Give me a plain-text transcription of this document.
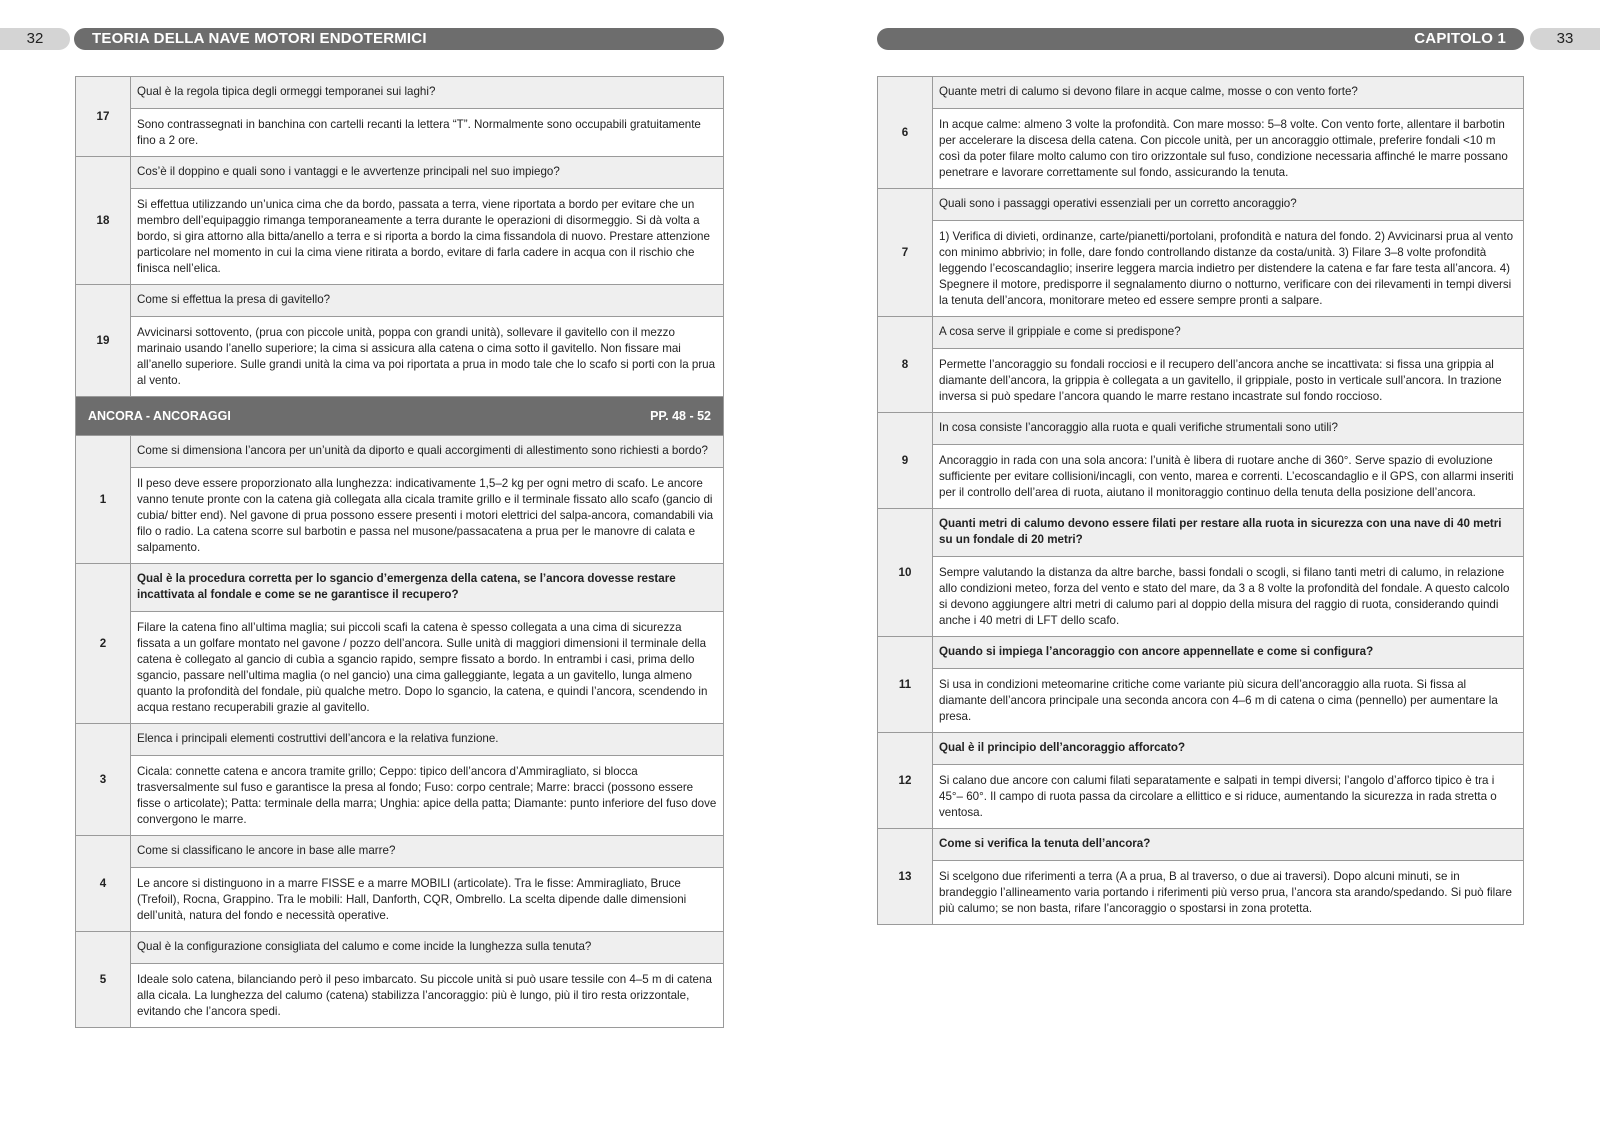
32	TEORIA DELLA NAVE MOTORI ENDOTERMICI
17	Qual è la regola tipica degli ormeggi temporanei sui laghi?
	Sono contrassegnati in banchina con cartelli recanti la lettera “T”. Normalmente sono occupabili gratuitamente fino a 2 ore.
18	Cos’è il doppino e quali sono i vantaggi e le avvertenze principali nel suo impiego?
	Si effettua utilizzando un’unica cima che da bordo, passata a terra, viene riportata a bordo per evitare che un membro dell’equipaggio rimanga temporaneamente a terra durante le operazioni di disormeggio. Si dà volta a bordo, si gira attorno alla bitta/anello a terra e si riporta a bordo la cima fissandola di nuovo. Prestare attenzione particolare nel momento in cui la cima viene ritirata a bordo, evitare di farla cadere in acqua con il rischio che finisca nell’elica.
19	Come si effettua la presa di gavitello?
	Avvicinarsi sottovento, (prua con piccole unità, poppa con grandi unità), sollevare il gavitello con il mezzo marinaio usando l’anello superiore; la cima si assicura alla catena o cima sotto il gavitello. Non fissare mai all’anello superiore. Sulle grandi unità la cima va poi riportata a prua in modo tale che lo scafo si porti con la prua al vento.

ANCORA - ANCORAGGI PP. 48 - 52	

1	Come si dimensiona l’ancora per un’unità da diporto e quali accorgimenti di allestimento sono richiesti a bordo?
	Il peso deve essere proporzionato alla lunghezza: indicativamente 1,5–2 kg per ogni metro di scafo. Le ancore vanno tenute pronte con la catena già collegata alla cicala tramite grillo e il terminale fissato allo scafo (gancio di cubia/ bitter end). Nel gavone di prua possono essere presenti i motori elettrici del salpa-ancora, comandabili via filo o radio. La catena scorre sul barbotin e passa nel musone/passacatena a prua per le manovre di calata e salpamento.
2	Qual è la procedura corretta per lo sgancio d’emergenza della catena, se l’ancora dovesse restare incattivata al fondale e come se ne garantisce il recupero?
	Filare la catena fino all’ultima maglia; sui piccoli scafi la catena è spesso collegata a una cima di sicurezza fissata a un golfare montato nel gavone / pozzo dell’ancora. Sulle unità di maggiori dimensioni il terminale della catena è collegato al gancio di cubìa a sgancio rapido, sempre fissato a bordo. In entrambi i casi, prima dello sgancio, passare nell’ultima maglia (o nel gancio) una cima galleggiante, legata a un gavitello, lunga almeno quanto la profondità del fondale, più qualche metro. Dopo lo sgancio, la catena, e quindi l’ancora, scendendo in acqua restano recuperabili grazie al gavitello.
3	Elenca i principali elementi costruttivi dell’ancora e la relativa funzione.
	Cicala: connette catena e ancora tramite grillo; Ceppo: tipico dell’ancora d’Ammiragliato, si blocca trasversalmente sul fuso e garantisce la presa al fondo; Fuso: corpo centrale; Marre: bracci (possono essere fisse o articolate); Patta: terminale della marra; Unghia: apice della patta; Diamante: punto inferiore del fuso dove convergono le marre.
4	Come si classificano le ancore in base alle marre?
	Le ancore si distinguono in a marre FISSE e a marre MOBILI (articolate). Tra le fisse: Ammiragliato, Bruce (Trefoil), Rocna, Grappino. Tra le mobili: Hall, Danforth, CQR, Ombrello. La scelta dipende dalle dimensioni dell’unità, natura del fondo e necessità operative.
5	Qual è la configurazione consigliata del calumo e come incide la lunghezza sulla tenuta?
	Ideale solo catena, bilanciando però il peso imbarcato. Su piccole unità si può usare tessile con 4–5 m di catena alla cicala. La lunghezza del calumo (catena) stabilizza l’ancoraggio: più è lungo, più il tiro resta orizzontale, evitando che l’ancora spedi.
CAPITOLO 1	33
6	Quante metri di calumo si devono filare in acque calme, mosse o con vento forte?
	In acque calme: almeno 3 volte la profondità. Con mare mosso: 5–8 volte. Con vento forte, allentare il barbotin per accelerare la discesa della catena. Con piccole unità, per un ancoraggio ottimale, preferire fondali <10 m così da poter filare molto calumo con tiro orizzontale sul fuso, condizione necessaria affinché le marre possano penetrare e lavorare correttamente sul fondo, assicurando la tenuta.
7	Quali sono i passaggi operativi essenziali per un corretto ancoraggio?
	1) Verifica di divieti, ordinanze, carte/pianetti/portolani, profondità e natura del fondo. 2) Avvicinarsi prua al vento con minimo abbrivio; in folle, dare fondo controllando distanze da costa/unità. 3) Filare 3–8 volte profondità leggendo l’ecoscandaglio; inserire leggera marcia indietro per distendere la catena e far fare testa all’ancora. 4) Spegnere il motore, predisporre il segnalamento diurno o notturno, verificare con dei rilevamenti in tempi diversi la tenuta dell’ancora, monitorare meteo ed essere sempre pronti a salpare.
8	A cosa serve il grippiale e come si predispone?
	Permette l’ancoraggio su fondali rocciosi e il recupero dell’ancora anche se incattivata: si fissa una grippia al diamante dell’ancora, la grippia è collegata a un gavitello, il grippiale, posto in verticale sull’ancora. In trazione inversa si può spedare l’ancora quando le marre restano incastrate sul fondo roccioso.
9	In cosa consiste l’ancoraggio alla ruota e quali verifiche strumentali sono utili?
	Ancoraggio in rada con una sola ancora: l’unità è libera di ruotare anche di 360°. Serve spazio di evoluzione sufficiente per evitare collisioni/incagli, con vento, marea e correnti. L’ecoscandaglio e il GPS, con allarmi inseriti per il controllo dell’area di ruota, aiutano il monitoraggio continuo della tenuta della posizione dell’ancora.
10	Quanti metri di calumo devono essere filati per restare alla ruota in sicurezza con una nave di 40 metri su un fondale di 20 metri?
	Sempre valutando la distanza da altre barche, bassi fondali o scogli, si filano tanti metri di calumo, in relazione allo condizioni meteo, forza del vento e stato del mare, da 3 a 8 volte la profondità del fondale. A questo calcolo si devono aggiungere altri metri di calumo pari al doppio della misura del raggio di ruota, considerando quindi anche i 40 metri di LFT dello scafo.
11	Quando si impiega l’ancoraggio con ancore appennellate e come si configura?
	Si usa in condizioni meteomarine critiche come variante più sicura dell’ancoraggio alla ruota. Si fissa al diamante dell’ancora principale una seconda ancora con 4–6 m di catena o cima (pennello) per aumentare la presa.
12	Qual è il principio dell’ancoraggio afforcato?
	Si calano due ancore con calumi filati separatamente e salpati in tempi diversi; l’angolo d’afforco tipico è tra i 45°– 60°. Il campo di ruota passa da circolare a ellittico e si riduce, aumentando la sicurezza in rada stretta o ventosa.
13	Come si verifica la tenuta dell’ancora?
	Si scelgono due riferimenti a terra (A a prua, B al traverso, o due ai traversi). Dopo alcuni minuti, se in brandeggio l’allineamento varia portando i riferimenti più verso prua, l’ancora sta arando/spedando. Si può filare più calumo; se non basta, rifare l’ancoraggio o spostarsi in zona protetta.
